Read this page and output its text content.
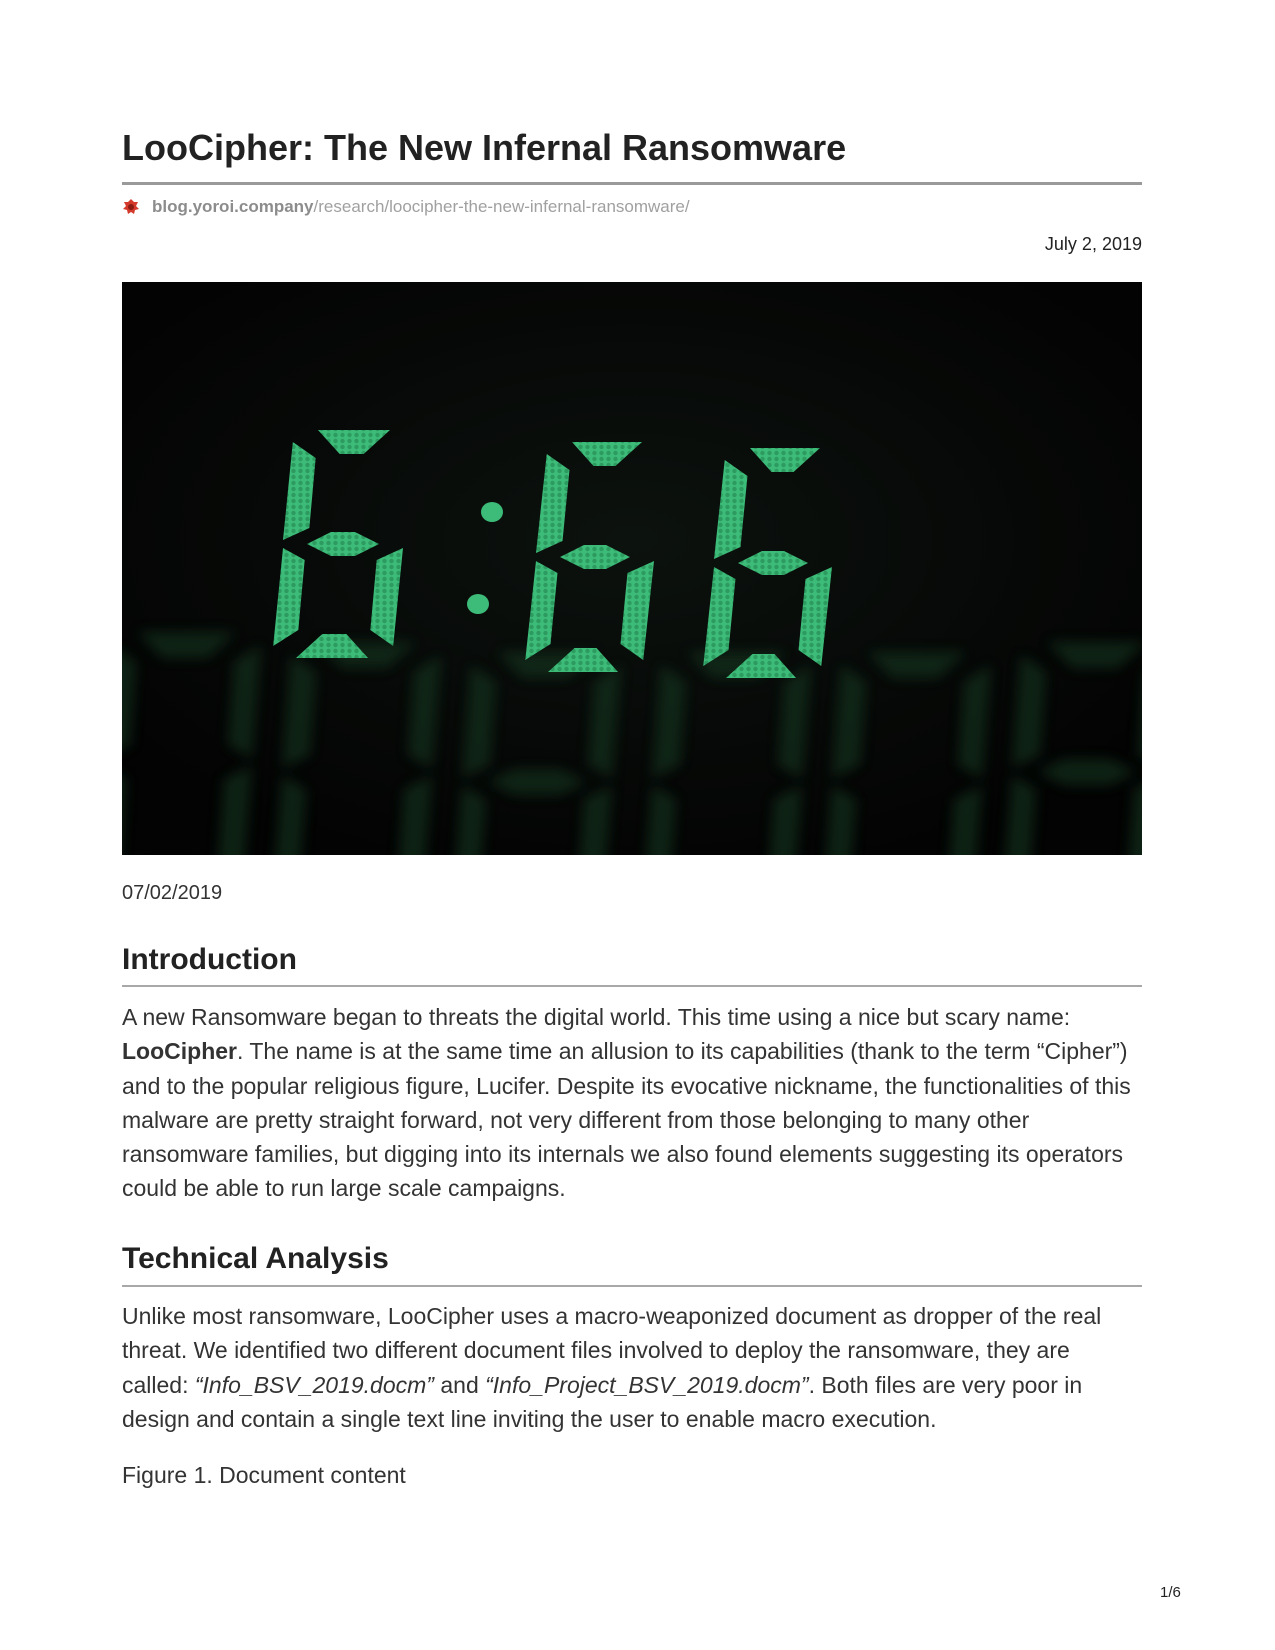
LooCipher: The New Infernal Ransomware
blog.yoroi.company /research/loocipher-the-new-infernal-ransomware/
July 2, 2019
07/02/2019
Introduction

A new Ransomware began to threats the digital world. This time using a nice but scary name: LooCipher. The name is at the same time an allusion to its capabilities (thank to the term “Cipher”) and to the popular religious figure, Lucifer. Despite its evocative nickname, the functionalities of this malware are pretty straight forward, not very different from those belonging to many other ransomware families, but digging into its internals we also found elements suggesting its operators could be able to run large scale campaigns.

Technical Analysis

Unlike most ransomware, LooCipher uses a macro-weaponized document as dropper of the real threat. We identified two different document files involved to deploy the ransomware, they are called: “Info_BSV_2019.docm” and “Info_Project_BSV_2019.docm”. Both files are very poor in design and contain a single text line inviting the user to enable macro execution.

Figure 1. Document content
1/6
